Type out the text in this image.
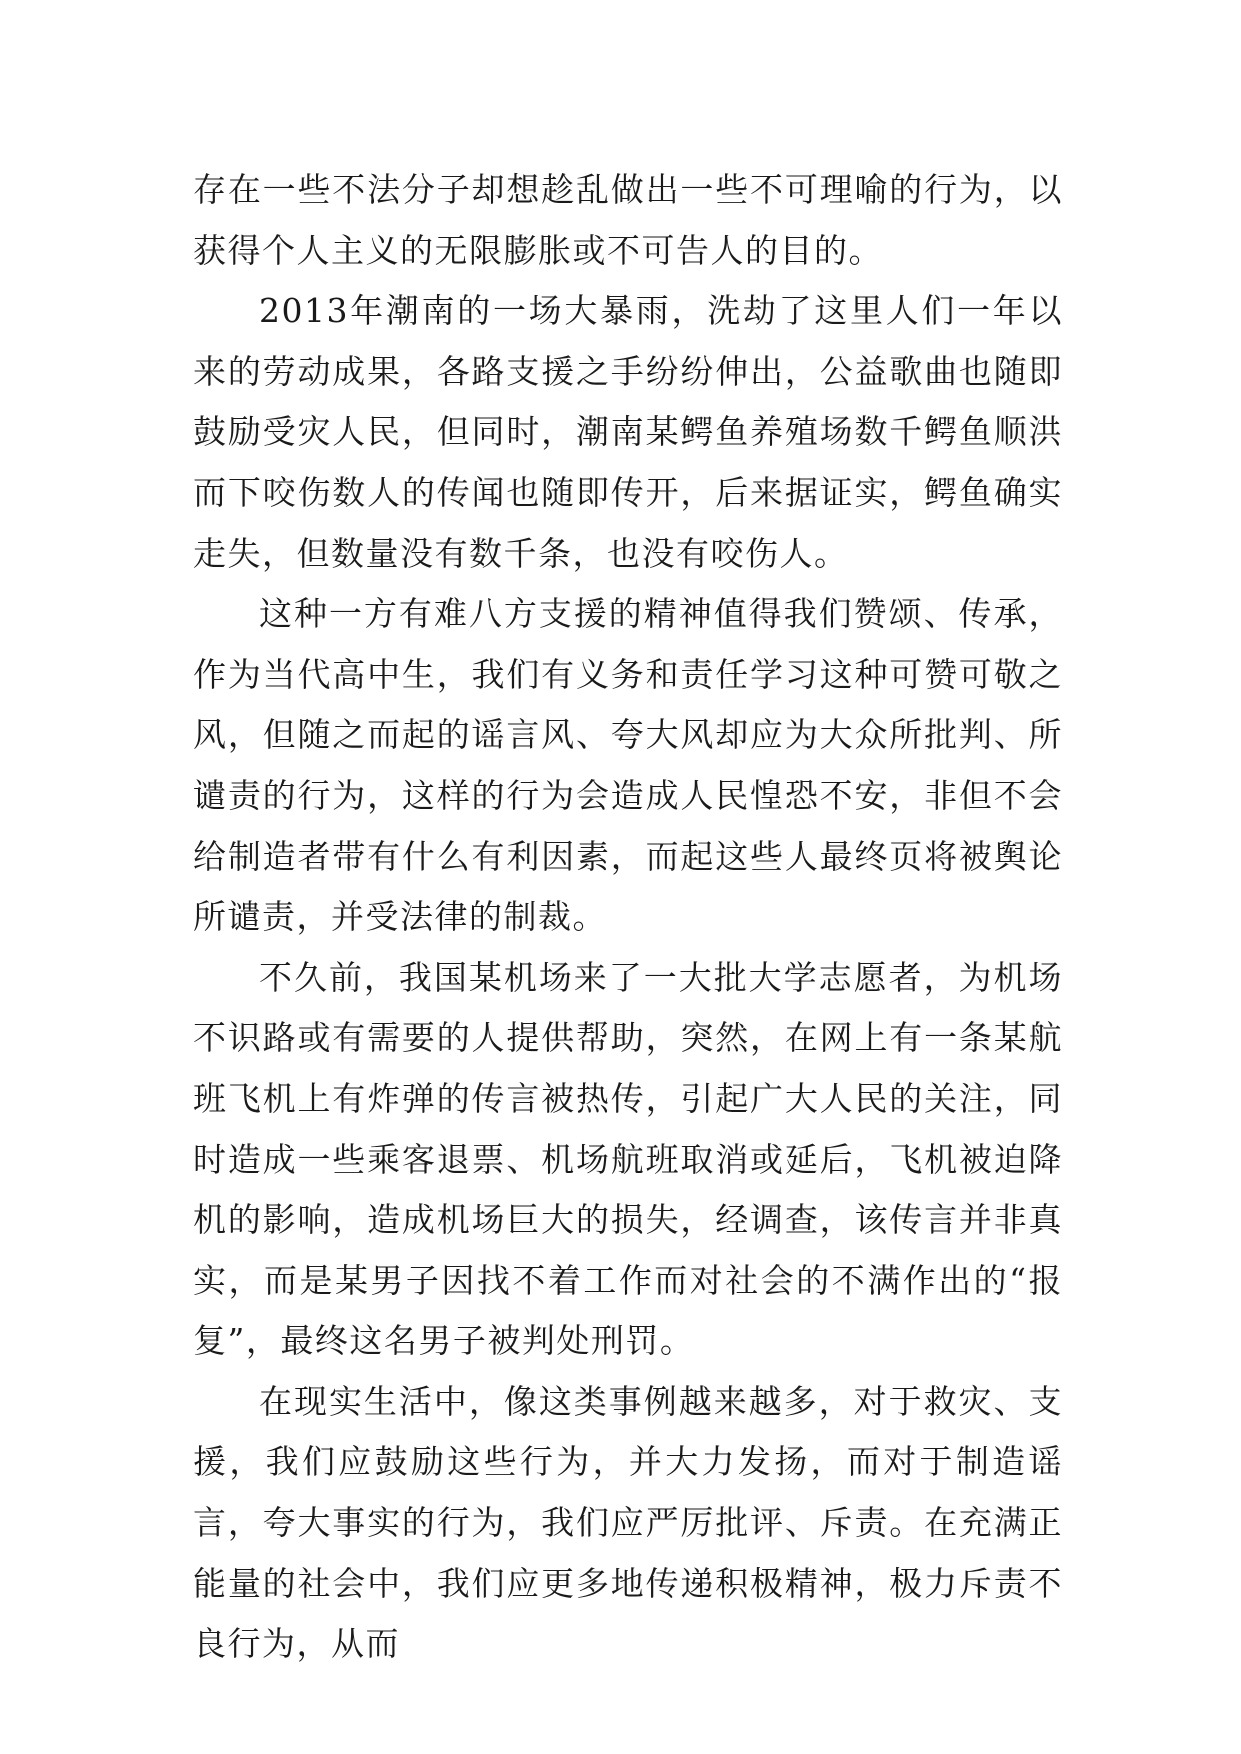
存在一些不法分子却想趁乱做出一些不可理喻的行为，以获得个人主义的无限膨胀或不可告人的目的。

2013年潮南的一场大暴雨，洗劫了这里人们一年以来的劳动成果，各路支援之手纷纷伸出，公益歌曲也随即鼓励受灾人民，但同时，潮南某鳄鱼养殖场数千鳄鱼顺洪而下咬伤数人的传闻也随即传开，后来据证实，鳄鱼确实走失，但数量没有数千条，也没有咬伤人。

这种一方有难八方支援的精神值得我们赞颂、传承，作为当代高中生，我们有义务和责任学习这种可赞可敬之风，但随之而起的谣言风、夸大风却应为大众所批判、所谴责的行为，这样的行为会造成人民惶恐不安，非但不会给制造者带有什么有利因素，而起这些人最终页将被舆论所谴责，并受法律的制裁。

不久前，我国某机场来了一大批大学志愿者，为机场不识路或有需要的人提供帮助，突然，在网上有一条某航班飞机上有炸弹的传言被热传，引起广大人民的关注，同时造成一些乘客退票、机场航班取消或延后，飞机被迫降机的影响，造成机场巨大的损失，经调查，该传言并非真实，而是某男子因找不着工作而对社会的不满作出的“报复”，最终这名男子被判处刑罚。

在现实生活中，像这类事例越来越多，对于救灾、支援，我们应鼓励这些行为，并大力发扬，而对于制造谣言，夸大事实的行为，我们应严厉批评、斥责。在充满正能量的社会中，我们应更多地传递积极精神，极力斥责不良行为，从而
